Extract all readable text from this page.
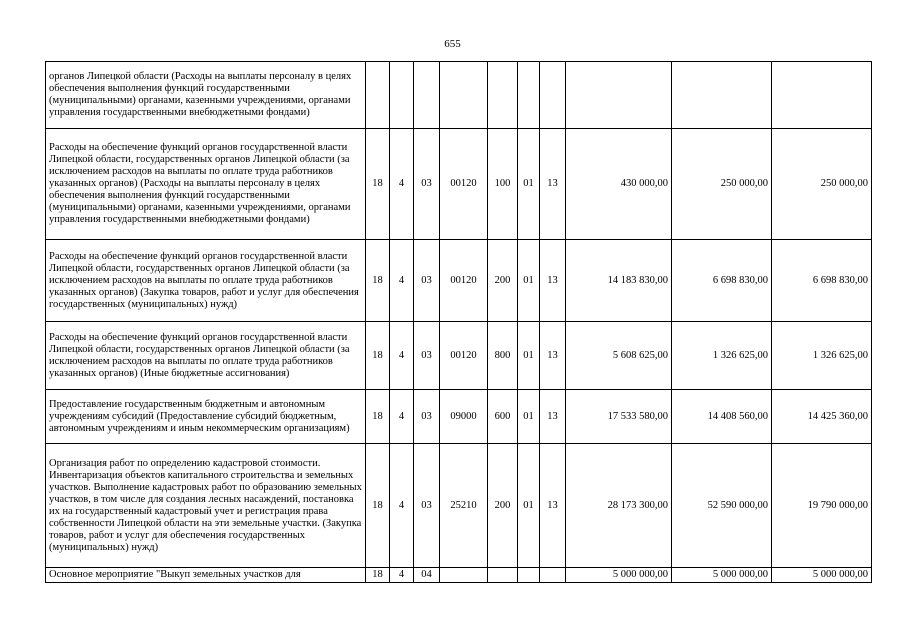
655
органов Липецкой области (Расходы на выплаты персоналу в целях обеспечения выполнения функций государственными (муниципальными) органами, казенными учреждениями, органами управления государственными внебюджетными фондами)										
Расходы на обеспечение функций органов государственной власти Липецкой области, государственных органов Липецкой области (за исключением расходов на выплаты по оплате труда работников указанных органов) (Расходы на выплаты персоналу в целях обеспечения выполнения функций государственными (муниципальными) органами, казенными учреждениями, органами управления государственными внебюджетными фондами)	18	4	03	00120	100	01	13	430 000,00	250 000,00	250 000,00
Расходы на обеспечение функций органов государственной власти Липецкой области, государственных органов Липецкой области (за исключением расходов на выплаты по оплате труда работников указанных органов) (Закупка товаров, работ и услуг для обеспечения государственных (муниципальных) нужд)	18	4	03	00120	200	01	13	14 183 830,00	6 698 830,00	6 698 830,00
Расходы на обеспечение функций органов государственной власти Липецкой области, государственных органов Липецкой области (за исключением расходов на выплаты по оплате труда работников указанных органов) (Иные бюджетные ассигнования)	18	4	03	00120	800	01	13	5 608 625,00	1 326 625,00	1 326 625,00
Предоставление государственным бюджетным и автономным учреждениям субсидий (Предоставление субсидий бюджетным, автономным учреждениям и иным некоммерческим организациям)	18	4	03	09000	600	01	13	17 533 580,00	14 408 560,00	14 425 360,00
Организация работ по определению кадастровой стоимости. Инвентаризация объектов капитального строительства и земельных участков. Выполнение кадастровых работ по образованию земельных участков, в том числе для создания лесных насаждений, постановка их на государственный кадастровый учет и регистрация права собственности Липецкой области на эти земельные участки. (Закупка товаров, работ и услуг для обеспечения государственных (муниципальных) нужд)	18	4	03	25210	200	01	13	28 173 300,00	52 590 000,00	19 790 000,00
Основное мероприятие "Выкуп земельных участков для	18	4	04					5 000 000,00	5 000 000,00	5 000 000,00
